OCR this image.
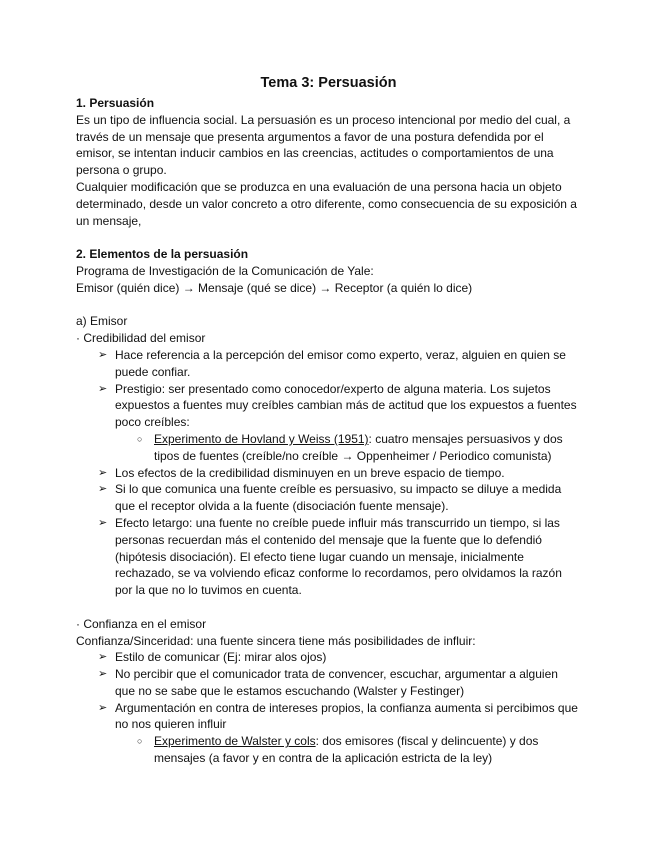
Tema 3: Persuasión
1. Persuasión
Es un tipo de influencia social. La persuasión es un proceso intencional por medio del cual, a través de un mensaje que presenta argumentos a favor de una postura defendida por el emisor, se intentan inducir cambios en las creencias, actitudes o comportamientos de una persona o grupo.
Cualquier modificación que se produzca en una evaluación de una persona hacia un objeto determinado, desde un valor concreto a otro diferente, como consecuencia de su exposición a un mensaje,
2. Elementos de la persuasión
Programa de Investigación de la Comunicación de Yale:
Emisor (quién dice) → Mensaje (qué se dice) → Receptor (a quién lo dice)
a) Emisor
· Credibilidad del emisor
➢ Hace referencia a la percepción del emisor como experto, veraz, alguien en quien se puede confiar.
➢ Prestigio: ser presentado como conocedor/experto de alguna materia. Los sujetos expuestos a fuentes muy creíbles cambian más de actitud que los expuestos a fuentes poco creíbles:
○ Experimento de Hovland y Weiss (1951): cuatro mensajes persuasivos y dos tipos de fuentes (creíble/no creíble → Oppenheimer / Periodico comunista)
➢ Los efectos de la credibilidad disminuyen en un breve espacio de tiempo.
➢ Si lo que comunica una fuente creíble es persuasivo, su impacto se diluye a medida que el receptor olvida a la fuente (disociación fuente mensaje).
➢ Efecto letargo: una fuente no creíble puede influir más transcurrido un tiempo, si las personas recuerdan más el contenido del mensaje que la fuente que lo defendió (hipótesis disociación). El efecto tiene lugar cuando un mensaje, inicialmente rechazado, se va volviendo eficaz conforme lo recordamos, pero olvidamos la razón por la que no lo tuvimos en cuenta.
· Confianza en el emisor
Confianza/Sinceridad: una fuente sincera tiene más posibilidades de influir:
➢ Estilo de comunicar (Ej: mirar alos ojos)
➢ No percibir que el comunicador trata de convencer, escuchar, argumentar a alguien que no se sabe que le estamos escuchando (Walster y Festinger)
➢ Argumentación en contra de intereses propios, la confianza aumenta si percibimos que no nos quieren influir
○ Experimento de Walster y cols: dos emisores (fiscal y delincuente) y dos mensajes (a favor y en contra de la aplicación estricta de la ley)
